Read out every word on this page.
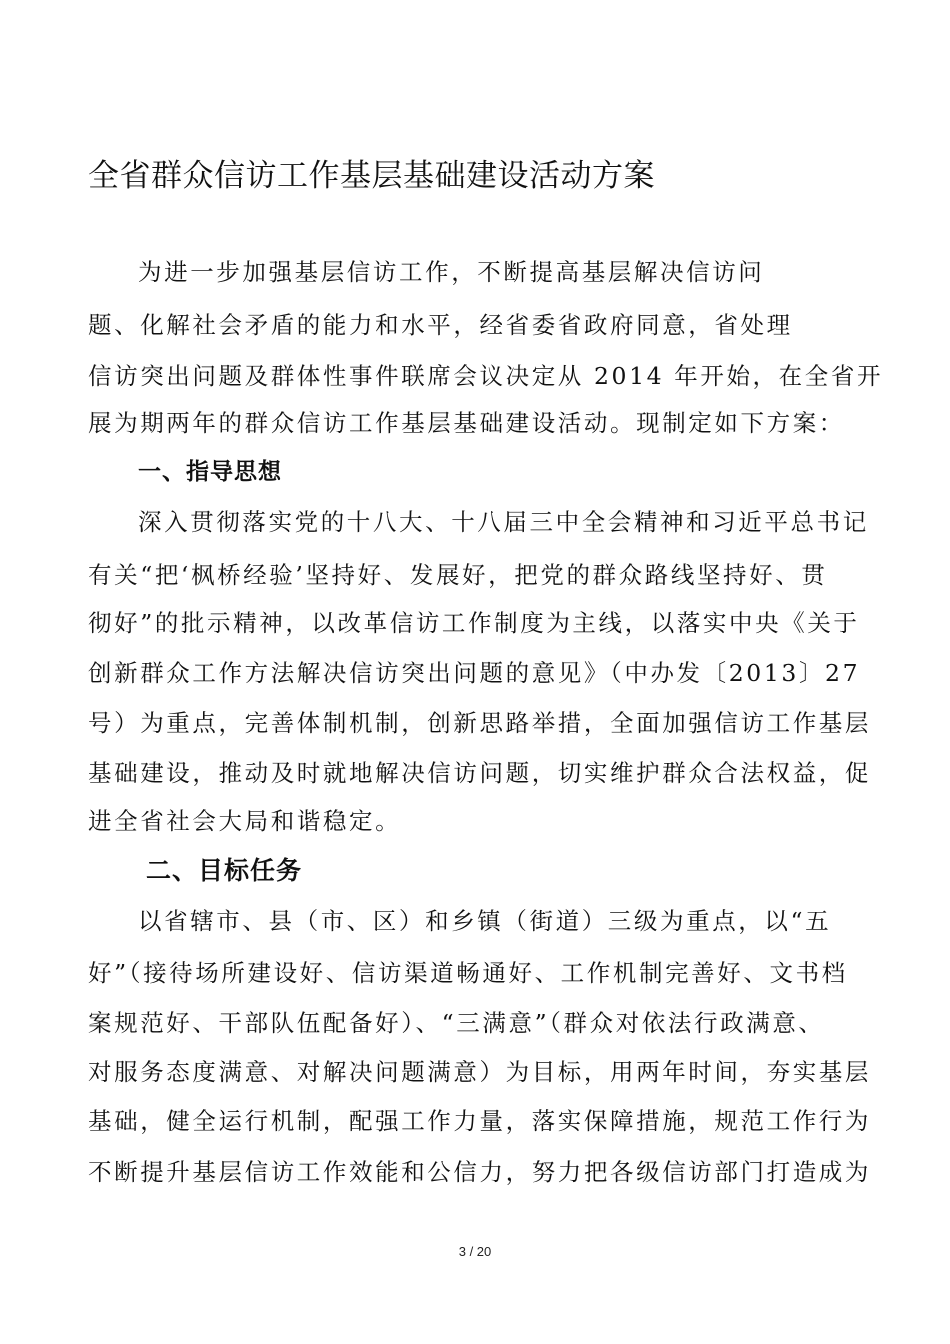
全省群众信访工作基层基础建设活动方案
为进一步加强基层信访工作，不断提高基层解决信访问
题、化解社会矛盾的能力和水平，经省委省政府同意，省处理
信访突出问题及群体性事件联席会议决定从 2014 年开始，在全省开
展为期两年的群众信访工作基层基础建设活动。现制定如下方案：
一、指导思想
深入贯彻落实党的十八大、十八届三中全会精神和习近平总书记
有关“把‘枫桥经验’坚持好、发展好，把党的群众路线坚持好、贯
彻好”的批示精神，以改革信访工作制度为主线，以落实中央《关于
创新群众工作方法解决信访突出问题的意见》（中办发〔2013〕27
号）为重点，完善体制机制，创新思路举措，全面加强信访工作基层
基础建设，推动及时就地解决信访问题，切实维护群众合法权益，促
进全省社会大局和谐稳定。
二、目标任务
以省辖市、县（市、区）和乡镇（街道）三级为重点，以“五
好”（接待场所建设好、信访渠道畅通好、工作机制完善好、文书档
案规范好、干部队伍配备好）、“三满意”（群众对依法行政满意、
对服务态度满意、对解决问题满意）为目标，用两年时间，夯实基层
基础，健全运行机制，配强工作力量，落实保障措施，规范工作行为
不断提升基层信访工作效能和公信力，努力把各级信访部门打造成为
3 / 20
